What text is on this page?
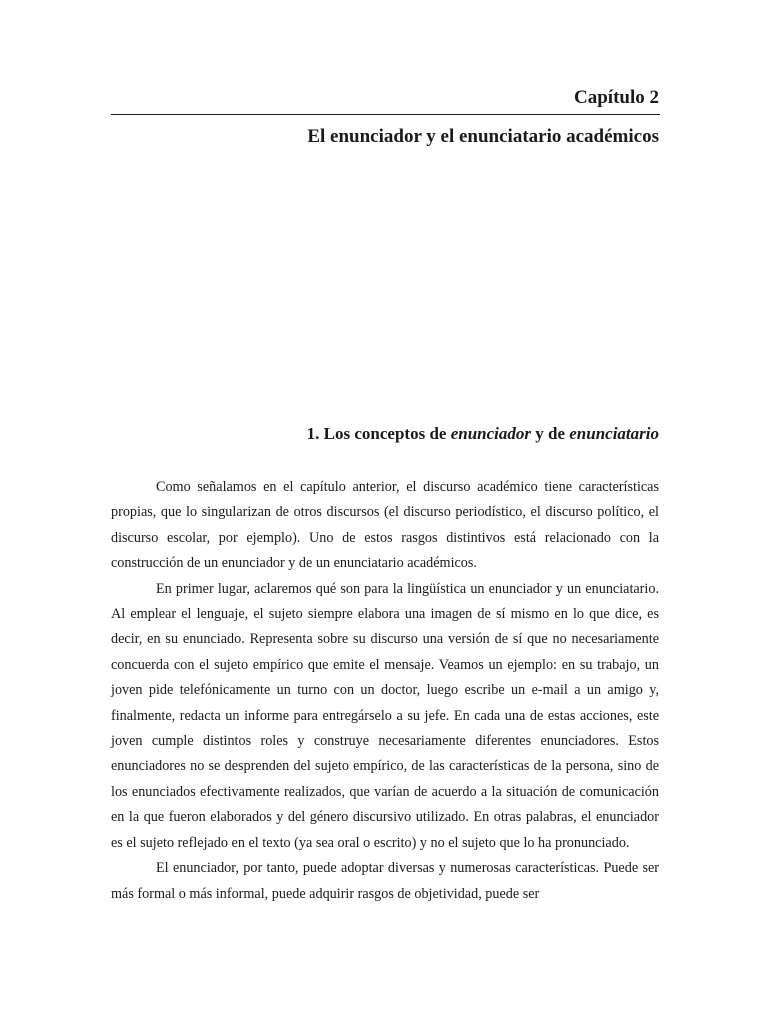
Capítulo 2
El enunciador y el enunciatario académicos
1. Los conceptos de enunciador y de enunciatario

Como señalamos en el capítulo anterior, el discurso académico tiene características propias, que lo singularizan de otros discursos (el discurso periodístico, el discurso político, el discurso escolar, por ejemplo). Uno de estos rasgos distintivos está relacionado con la construcción de un enunciador y de un enunciatario académicos.

En primer lugar, aclaremos qué son para la lingüística un enunciador y un enunciatario. Al emplear el lenguaje, el sujeto siempre elabora una imagen de sí mismo en lo que dice, es decir, en su enunciado. Representa sobre su discurso una versión de sí que no necesariamente concuerda con el sujeto empírico que emite el mensaje. Veamos un ejemplo: en su trabajo, un joven pide telefónicamente un turno con un doctor, luego escribe un e-mail a un amigo y, finalmente, redacta un informe para entregárselo a su jefe. En cada una de estas acciones, este joven cumple distintos roles y construye necesariamente diferentes enunciadores. Estos enunciadores no se desprenden del sujeto empírico, de las características de la persona, sino de los enunciados efectivamente realizados, que varían de acuerdo a la situación de comunicación en la que fueron elaborados y del género discursivo utilizado. En otras palabras, el enunciador es el sujeto reflejado en el texto (ya sea oral o escrito) y no el sujeto que lo ha pronunciado.

El enunciador, por tanto, puede adoptar diversas y numerosas características. Puede ser más formal o más informal, puede adquirir rasgos de objetividad, puede ser
